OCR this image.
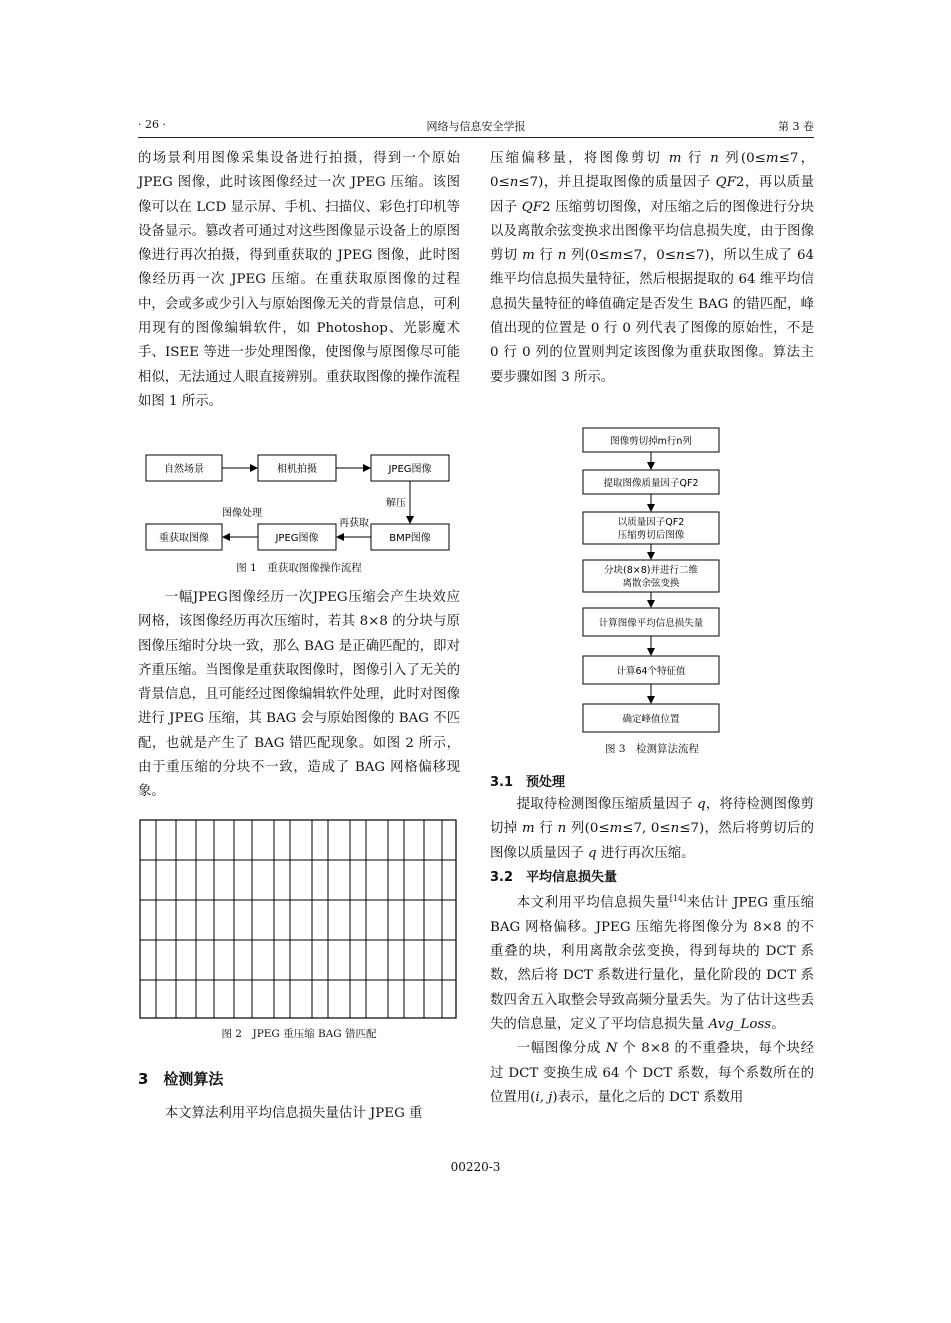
· 26 ·	网络与信息安全学报	第 3 卷

的场景利用图像采集设备进行拍摄，得到一个原始 JPEG 图像，此时该图像经过一次 JPEG 压缩。该图像可以在 LCD 显示屏、手机、扫描仪、彩色打印机等设备显示。篡改者可通过对这些图像显示设备上的原图像进行再次拍摄，得到重获取的 JPEG 图像，此时图像经历再一次 JPEG 压缩。在重获取原图像的过程中，会或多或少引入与原始图像无关的背景信息，可利用现有的图像编辑软件，如 Photoshop、光影魔术手、ISEE 等进一步处理图像，使图像与原图像尽可能相似，无法通过人眼直接辨别。重获取图像的操作流程如图 1 所示。

自然场景	相机拍摄	JPEG图像
重获取图像	JPEG图像	BMP图像
解压
再获取
图像处理
图 1　重获取图像操作流程

一幅JPEG图像经历一次JPEG压缩会产生块效应网格，该图像经历再次压缩时，若其 8×8 的分块与原图像压缩时分块一致，那么 BAG 是正确匹配的，即对齐重压缩。当图像是重获取图像时，图像引入了无关的背景信息，且可能经过图像编辑软件处理，此时对图像进行 JPEG 压缩，其 BAG 会与原始图像的 BAG 不匹配，也就是产生了 BAG 错匹配现象。如图 2 所示，由于重压缩的分块不一致，造成了 BAG 网格偏移现象。

图 2　JPEG 重压缩 BAG 错匹配
3　检测算法

本文算法利用平均信息损失量估计 JPEG 重

压缩偏移量，将图像剪切 m 行 n 列(0≤m≤7，0≤n≤7)，并且提取图像的质量因子 QF2，再以质量因子 QF2 压缩剪切图像，对压缩之后的图像进行分块以及离散余弦变换求出图像平均信息损失度，由于图像剪切 m 行 n 列(0≤m≤7，0≤n≤7)，所以生成了 64 维平均信息损失量特征，然后根据提取的 64 维平均信息损失量特征的峰值确定是否发生 BAG 的错匹配，峰值出现的位置是 0 行 0 列代表了图像的原始性，不是 0 行 0 列的位置则判定该图像为重获取图像。算法主要步骤如图 3 所示。

图像剪切掉m行n列
提取图像质量因子QF2
以质量因子QF2
压缩剪切后图像
分块(8×8)并进行二维
离散余弦变换
计算图像平均信息损失量
计算64个特征值
确定峰值位置
图 3　检测算法流程
3.1　预处理

提取待检测图像压缩质量因子 q，将待检测图像剪切掉 m 行 n 列(0≤m≤7, 0≤n≤7)，然后将剪切后的图像以质量因子 q 进行再次压缩。

3.2　平均信息损失量

本文利用平均信息损失量[14]来估计 JPEG 重压缩 BAG 网格偏移。JPEG 压缩先将图像分为 8×8 的不重叠的块，利用离散余弦变换，得到每块的 DCT 系数，然后将 DCT 系数进行量化，量化阶段的 DCT 系数四舍五入取整会导致高频分量丢失。为了估计这些丢失的信息量，定义了平均信息损失量 Avg_Loss。

一幅图像分成 N 个 8×8 的不重叠块，每个块经过 DCT 变换生成 64 个 DCT 系数，每个系数所在的位置用(i, j)表示，量化之后的 DCT 系数用

00220-3
